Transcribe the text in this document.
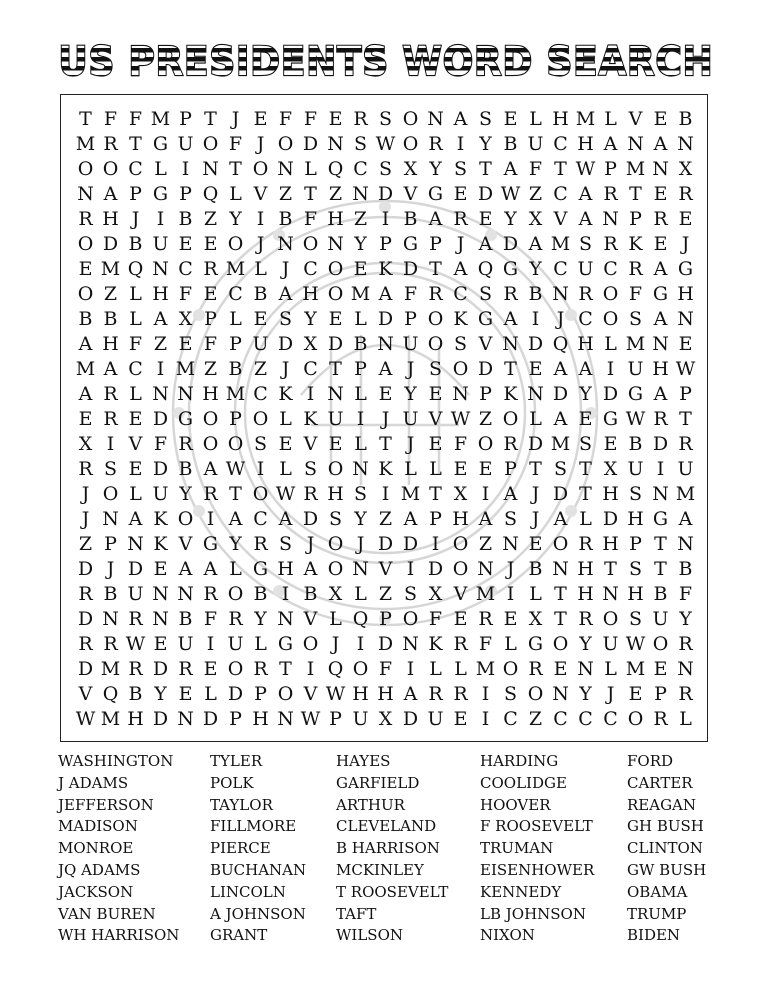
US PRESIDENTS WORD SEARCH
T F F M P T J E F F E R S O N A S E L H M L V E B
M R T G U O F J O D N S W O R I Y B U C H A N A N
O O C L I N T O N L Q C S X Y S T A F T W P M N X
N A P G P Q L V Z T Z N D V G E D W Z C A R T E R
R H J I B Z Y I B F H Z I B A R E Y X V A N P R E
O D B U E E O J N O N Y P G P J A D A M S R K E J
E M Q N C R M L J C O E K D T A Q G Y C U C R A G
O Z L H F E C B A H O M A F R C S R B N R O F G H
B B L A X P L E S Y E L D P O K G A I J C O S A N
A H F Z E F P U D X D B N U O S V N D Q H L M N E
M A C I M Z B Z J C T P A J S O D T E A A I U H W
A R L N N H M C K I N L E Y E N P K N D Y D G A P
E R E D G O P O L K U I J U V W Z O L A E G W R T
X I V F R O O S E V E L T J E F O R D M S E B D R
R S E D B A W I L S O N K L L E E P T S T X U I U
J O L U Y R T O W R H S I M T X I A J D T H S N M
J N A K O I A C A D S Y Z A P H A S J A L D H G A
Z P N K V G Y R S J O J D D I O Z N E O R H P T N
D J D E A A L G H A O N V I D O N J B N H T S T B
R B U N N R O B I B X L Z S X V M I L T H N H B F
D N R N B F R Y N V L Q P O F E R E X T R O S U Y
R R W E U I U L G O J I D N K R F L G O Y U W O R
D M R D R E O R T I Q O F I L L M O R E N L M E N
V Q B Y E L D P O V W H H A R R I S O N Y J E P R
W M H D N D P H N W P U X D U E I C Z C C C O R L
WASHINGTON
J ADAMS
JEFFERSON
MADISON
MONROE
JQ ADAMS
JACKSON
VAN BUREN
WH HARRISON
TYLER
POLK
TAYLOR
FILLMORE
PIERCE
BUCHANAN
LINCOLN
A JOHNSON
GRANT
HAYES
GARFIELD
ARTHUR
CLEVELAND
B HARRISON
MCKINLEY
T ROOSEVELT
TAFT
WILSON
HARDING
COOLIDGE
HOOVER
F ROOSEVELT
TRUMAN
EISENHOWER
KENNEDY
LB JOHNSON
NIXON
FORD
CARTER
REAGAN
GH BUSH
CLINTON
GW BUSH
OBAMA
TRUMP
BIDEN
